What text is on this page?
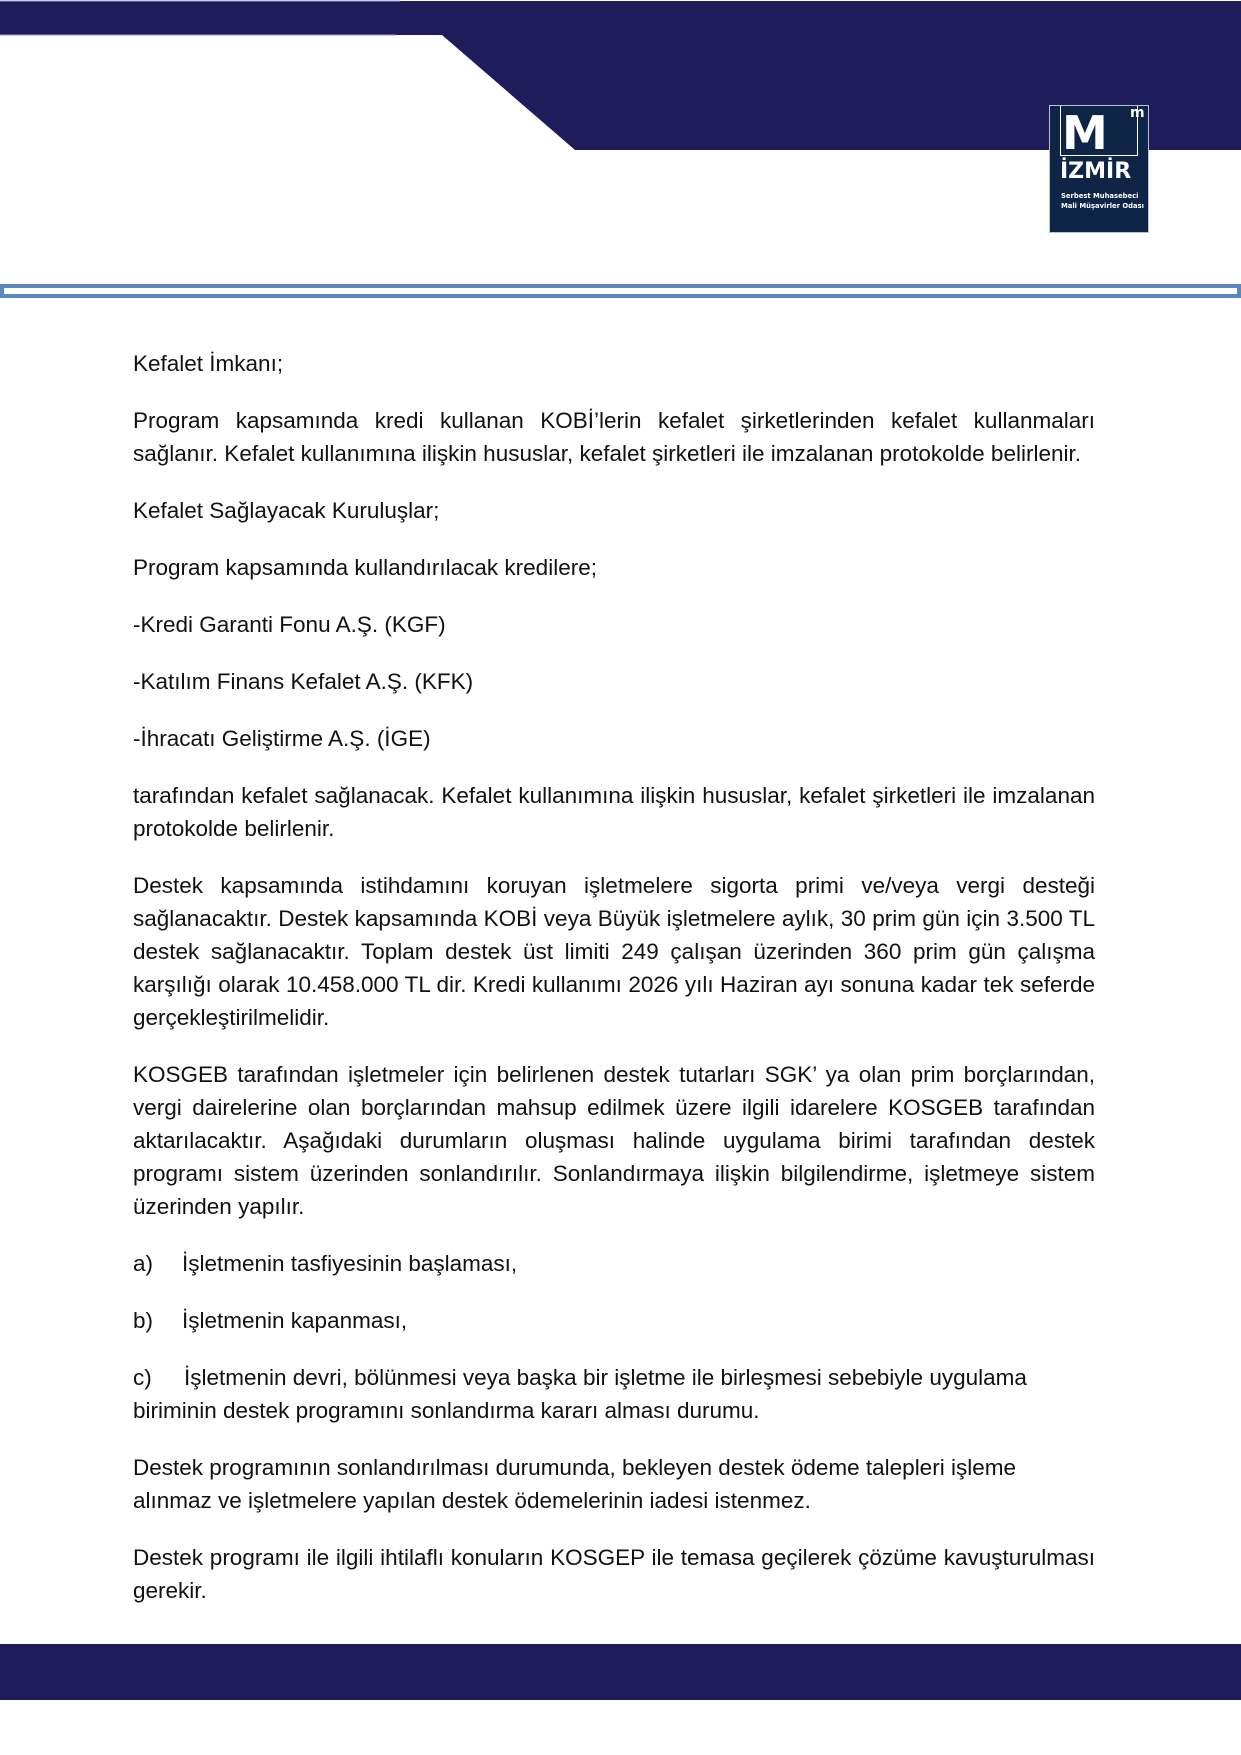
M m
İZMİR
Serbest Muhasebeci
Mali Müşavirler Odası

Kefalet İmkanı;

Program kapsamında kredi kullanan KOBİ’lerin kefalet şirketlerinden kefalet kullanmaları sağlanır. Kefalet kullanımına ilişkin hususlar, kefalet şirketleri ile imzalanan protokolde belirlenir.

Kefalet Sağlayacak Kuruluşlar;

Program kapsamında kullandırılacak kredilere;

-Kredi Garanti Fonu A.Ş. (KGF)

-Katılım Finans Kefalet A.Ş. (KFK)

-İhracatı Geliştirme A.Ş. (İGE)

tarafından kefalet sağlanacak. Kefalet kullanımına ilişkin hususlar, kefalet şirketleri ile imzalanan protokolde belirlenir.

Destek kapsamında istihdamını koruyan işletmelere sigorta primi ve/veya vergi desteği sağlanacaktır. Destek kapsamında KOBİ veya Büyük işletmelere aylık, 30 prim gün için 3.500 TL destek sağlanacaktır. Toplam destek üst limiti 249 çalışan üzerinden 360 prim gün çalışma karşılığı olarak 10.458.000 TL dir. Kredi kullanımı 2026 yılı Haziran ayı sonuna kadar tek seferde gerçekleştirilmelidir.

KOSGEB tarafından işletmeler için belirlenen destek tutarları SGK’ ya olan prim borçlarından, vergi dairelerine olan borçlarından mahsup edilmek üzere ilgili idarelere KOSGEB tarafından aktarılacaktır. Aşağıdaki durumların oluşması halinde uygulama birimi tarafından destek programı sistem üzerinden sonlandırılır. Sonlandırmaya ilişkin bilgilendirme, işletmeye sistem üzerinden yapılır.

a)	İşletmenin tasfiyesinin başlaması,
b)	İşletmenin kapanması,
c) İşletmenin devri, bölünmesi veya başka bir işletme ile birleşmesi sebebiyle uygulama biriminin destek programını sonlandırma kararı alması durumu.

Destek programının sonlandırılması durumunda, bekleyen destek ödeme talepleri işleme alınmaz ve işletmelere yapılan destek ödemelerinin iadesi istenmez.

Destek programı ile ilgili ihtilaflı konuların KOSGEP ile temasa geçilerek çözüme kavuşturulması gerekir.
